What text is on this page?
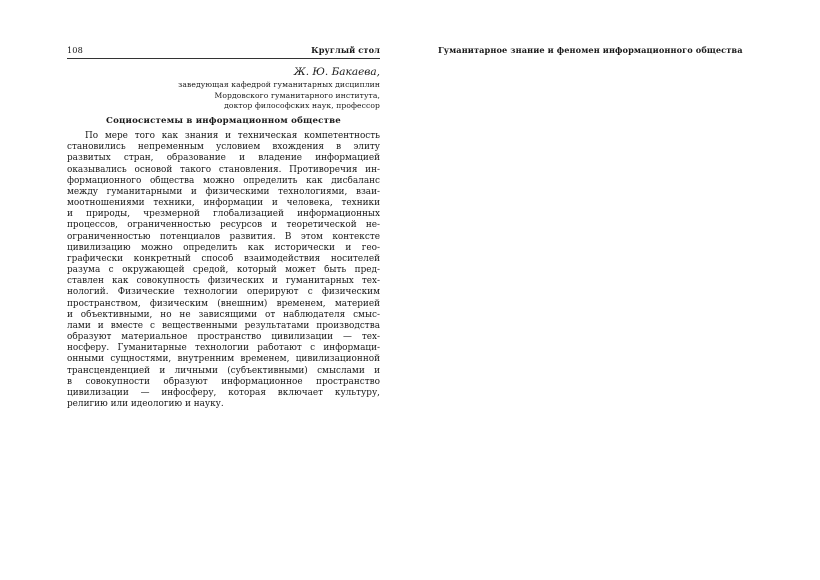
108	Круглый стол
Ж. Ю. Бакаева,
заведующая кафедрой гуманитарных дисциплин
Мордовского гуманитарного института,
доктор философских наук, профессор
Социосистемы в информационном обществе
По мере того как знания и техническая компетентность
становились непременным условием вхождения в элиту
развитых стран, образование и владение информацией
оказывались основой такого становления. Противоречия ин-
формационного общества можно определить как дисбаланс
между гуманитарными и физическими технологиями, взаи-
моотношениями техники, информации и человека, техники
и природы, чрезмерной глобализацией информационных
процессов, ограниченностью ресурсов и теоретической не-
ограниченностью потенциалов развития. В этом контексте
цивилизацию можно определить как исторически и гео-
графически конкретный способ взаимодействия носителей
разума с окружающей средой, который может быть пред-
ставлен как совокупность физических и гуманитарных тех-
нологий. Физические технологии оперируют с физическим
пространством, физическим (внешним) временем, материей
и объективными, но не зависящими от наблюдателя смыс-
лами и вместе с вещественными результатами производства
образуют материальное пространство цивилизации — тех-
носферу. Гуманитарные технологии работают с информаци-
онными сущностями, внутренним временем, цивилизационной
трансценденцией и личными (субъективными) смыслами и
в совокупности образуют информационное пространство
цивилизации — инфосферу, которая включает культуру,
религию или идеологию и науку.
Гуманитарное знание и феномен информационного общества
